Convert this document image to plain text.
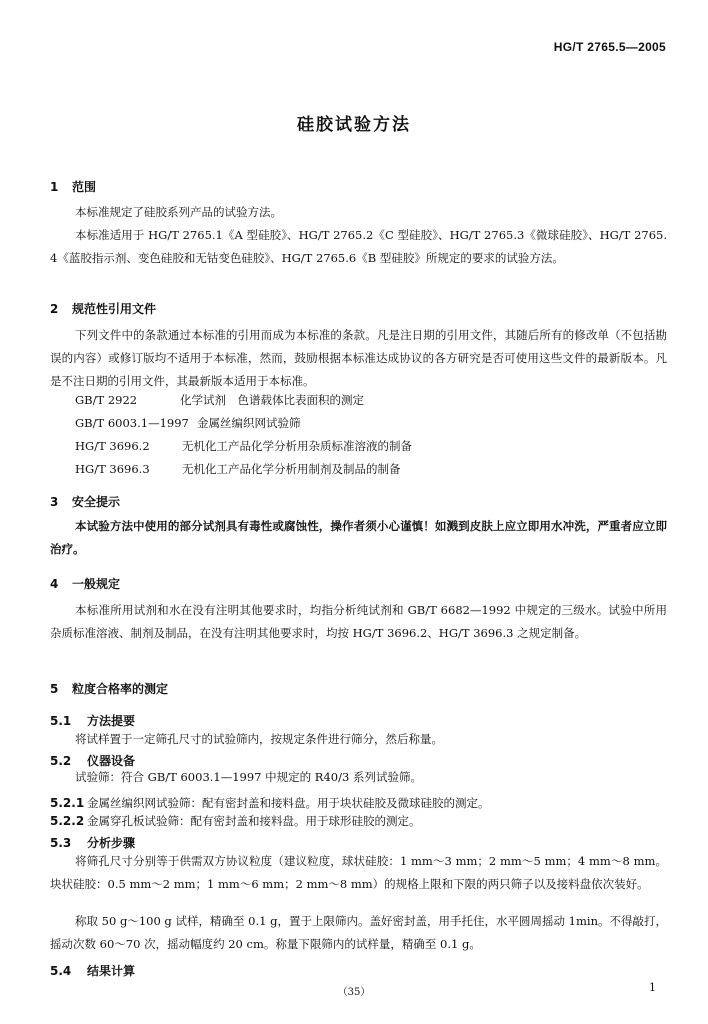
HG/T 2765.5—2005
硅胶试验方法
1 范围
本标准规定了硅胶系列产品的试验方法。
本标准适用于 HG/T 2765.1《A 型硅胶》、HG/T 2765.2《C 型硅胶》、HG/T 2765.3《微球硅胶》、HG/T 2765.4《蓝胶指示剂、变色硅胶和无钴变色硅胶》、HG/T 2765.6《B 型硅胶》所规定的要求的试验方法。
2 规范性引用文件
下列文件中的条款通过本标准的引用而成为本标准的条款。凡是注日期的引用文件，其随后所有的修改单（不包括勘误的内容）或修订版均不适用于本标准，然而，鼓励根据本标准达成协议的各方研究是否可使用这些文件的最新版本。凡是不注日期的引用文件，其最新版本适用于本标准。
GB/T 2922	化学试剂　色谱载体比表面积的测定
GB/T 6003.1—1997 金属丝编织网试验筛
HG/T 3696.2	无机化工产品化学分析用杂质标准溶液的制备
HG/T 3696.3	无机化工产品化学分析用制剂及制品的制备
3 安全提示
本试验方法中使用的部分试剂具有毒性或腐蚀性，操作者须小心谨慎！如溅到皮肤上应立即用水冲洗，严重者应立即治疗。
4 一般规定
本标准所用试剂和水在没有注明其他要求时，均指分析纯试剂和 GB/T 6682—1992 中规定的三级水。试验中所用杂质标准溶液、制剂及制品，在没有注明其他要求时，均按 HG/T 3696.2、HG/T 3696.3 之规定制备。
5 粒度合格率的测定
5.1 方法提要
将试样置于一定筛孔尺寸的试验筛内，按规定条件进行筛分，然后称量。
5.2 仪器设备
试验筛：符合 GB/T 6003.1—1997 中规定的 R40/3 系列试验筛。
5.2.1 金属丝编织网试验筛：配有密封盖和接料盘。用于块状硅胶及微球硅胶的测定。
5.2.2 金属穿孔板试验筛：配有密封盖和接料盘。用于球形硅胶的测定。
5.3 分析步骤
将筛孔尺寸分别等于供需双方协议粒度（建议粒度，球状硅胶：1 mm～3 mm；2 mm～5 mm；4 mm～8 mm。块状硅胶：0.5 mm～2 mm；1 mm～6 mm；2 mm～8 mm）的规格上限和下限的两只筛子以及接料盘依次装好。
称取 50 g～100 g 试样，精确至 0.1 g，置于上限筛内。盖好密封盖，用手托住，水平圆周摇动 1min。不得敲打，摇动次数 60～70 次，摇动幅度约 20 cm。称量下限筛内的试样量，精确至 0.1 g。
5.4 结果计算
（35）	1
